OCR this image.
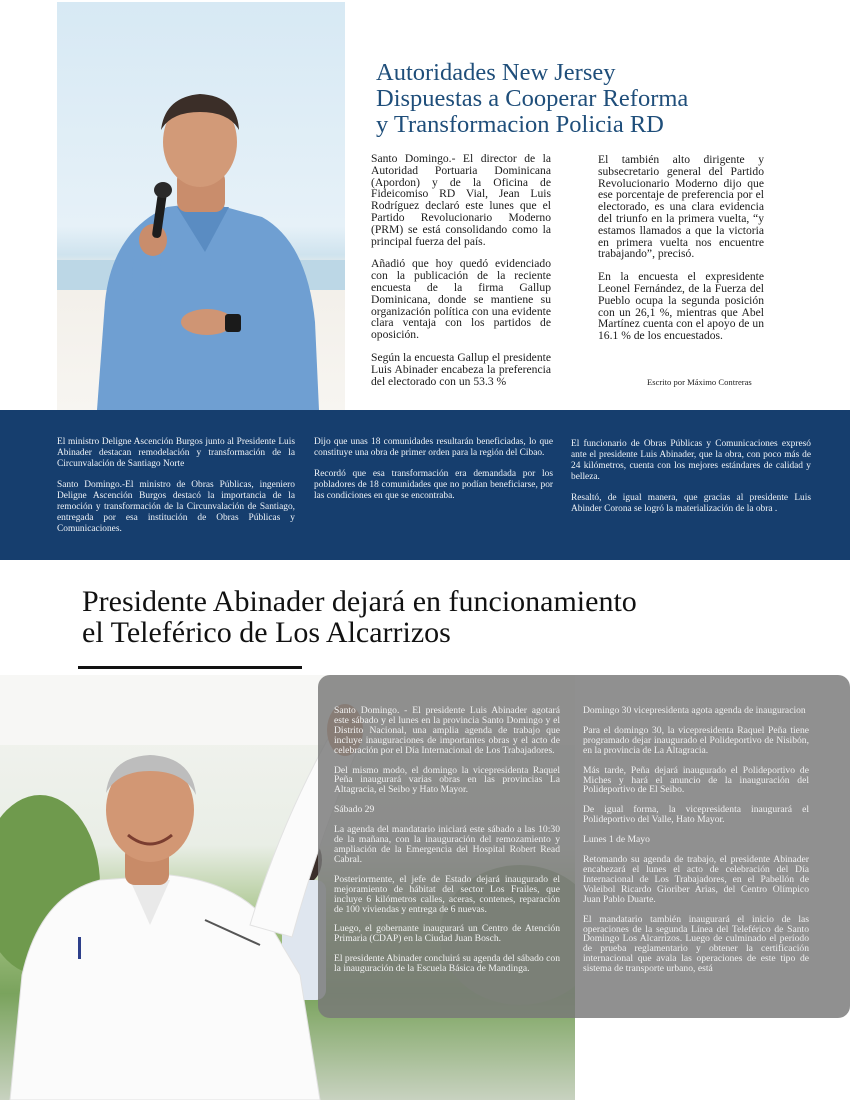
Autoridades New Jersey
Dispuestas a Cooperar Reforma
y Transformacion Policia RD

Santo Domingo.- El director de la Autoridad Portuaria Dominicana (Apordon) y de la Oficina de Fideicomiso RD Vial, Jean Luis Rodríguez declaró este lunes que el Partido Revolucionario Moderno (PRM) se está consolidando como la principal fuerza del país.

Añadió que hoy quedó evidenciado con la publicación de la reciente encuesta de la firma Gallup Dominicana, donde se mantiene su organización política con una evidente clara ventaja con los partidos de oposición.

Según la encuesta Gallup el presidente Luis Abinader encabeza la preferencia del electorado con un 53.3 %

El también alto dirigente y subsecretario general del Partido Revolucionario Moderno dijo que ese porcentaje de preferencia por el electorado, es una clara evidencia del triunfo en la primera vuelta, “y estamos llamados a que la victoria en primera vuelta nos encuentre trabajando”, precisó.

En la encuesta el expresidente Leonel Fernández, de la Fuerza del Pueblo ocupa la segunda posición con un 26,1 %, mientras que Abel Martínez cuenta con el apoyo de un 16.1 % de los encuestados.

Escrito por Máximo Contreras

El ministro Deligne Ascención Burgos junto al Presidente Luis Abinader destacan remodelación y transformación de la Circunvalación de Santiago Norte

Santo Domingo.-El ministro de Obras Públicas, ingeniero Deligne Ascención Burgos destacó la importancia de la remoción y transformación de la Circunvalación de Santiago, entregada por esa institución de Obras Públicas y Comunicaciones.

Dijo que unas 18 comunidades resultarán beneficiadas, lo que constituye una obra de primer orden para la región del Cibao.

Recordó que esa transformación era demandada por los pobladores de 18 comunidades que no podían beneficiarse, por las condiciones en que se encontraba.

El funcionario de Obras Públicas y Comunicaciones expresó ante el presidente Luis Abinader, que la obra, con poco más de 24 kilómetros, cuenta con los mejores estándares de calidad y belleza.

Resaltó, de igual manera, que gracias al presidente Luis Abinder Corona se logró la materialización de la obra .

Presidente Abinader dejará en funcionamiento
el Teleférico de Los Alcarrizos

Santo Domingo. - El presidente Luis Abinader agotará este sábado y el lunes en la provincia Santo Domingo y el Distrito Nacional, una amplia agenda de trabajo que incluye inauguraciones de importantes obras y el acto de celebración por el Día Internacional de Los Trabajadores.

Del mismo modo, el domingo la vicepresidenta Raquel Peña inaugurará varias obras en las provincias La Altagracia, el Seibo y Hato Mayor.

Sábado 29

La agenda del mandatario iniciará este sábado a las 10:30 de la mañana, con la inauguración del remozamiento y ampliación de la Emergencia del Hospital Robert Read Cabral.

Posteriormente, el jefe de Estado dejará inaugurado el mejoramiento de hábitat del sector Los Frailes, que incluye 6 kilómetros calles, aceras, contenes, reparación de 100 viviendas y entrega de 6 nuevas.

Luego, el gobernante inaugurará un Centro de Atención Primaria (CDAP) en la Ciudad Juan Bosch.

El presidente Abinader concluirá su agenda del sábado con la inauguración de la Escuela Básica de Mandinga.

Domingo 30 vicepresidenta agota agenda de inauguracion

Para el domingo 30, la vicepresidenta Raquel Peña tiene programado dejar inaugurado el Polideportivo de Nisibón, en la provincia de La Altagracia.

Más tarde, Peña dejará inaugurado el Polideportivo de Miches y hará el anuncio de la inauguración del Polideportivo de El Seibo.

De igual forma, la vicepresidenta inaugurará el Polideportivo del Valle, Hato Mayor.

Lunes 1 de Mayo

Retomando su agenda de trabajo, el presidente Abinader encabezará el lunes el acto de celebración del Día Internacional de Los Trabajadores, en el Pabellón de Voleibol Ricardo Gioriber Arias, del Centro Olímpico Juan Pablo Duarte.

El mandatario también inaugurará el inicio de las operaciones de la segunda Línea del Teleférico de Santo Domingo Los Alcarrizos. Luego de culminado el período de prueba reglamentario y obtener la certificación internacional que avala las operaciones de este tipo de sistema de transporte urbano, está
